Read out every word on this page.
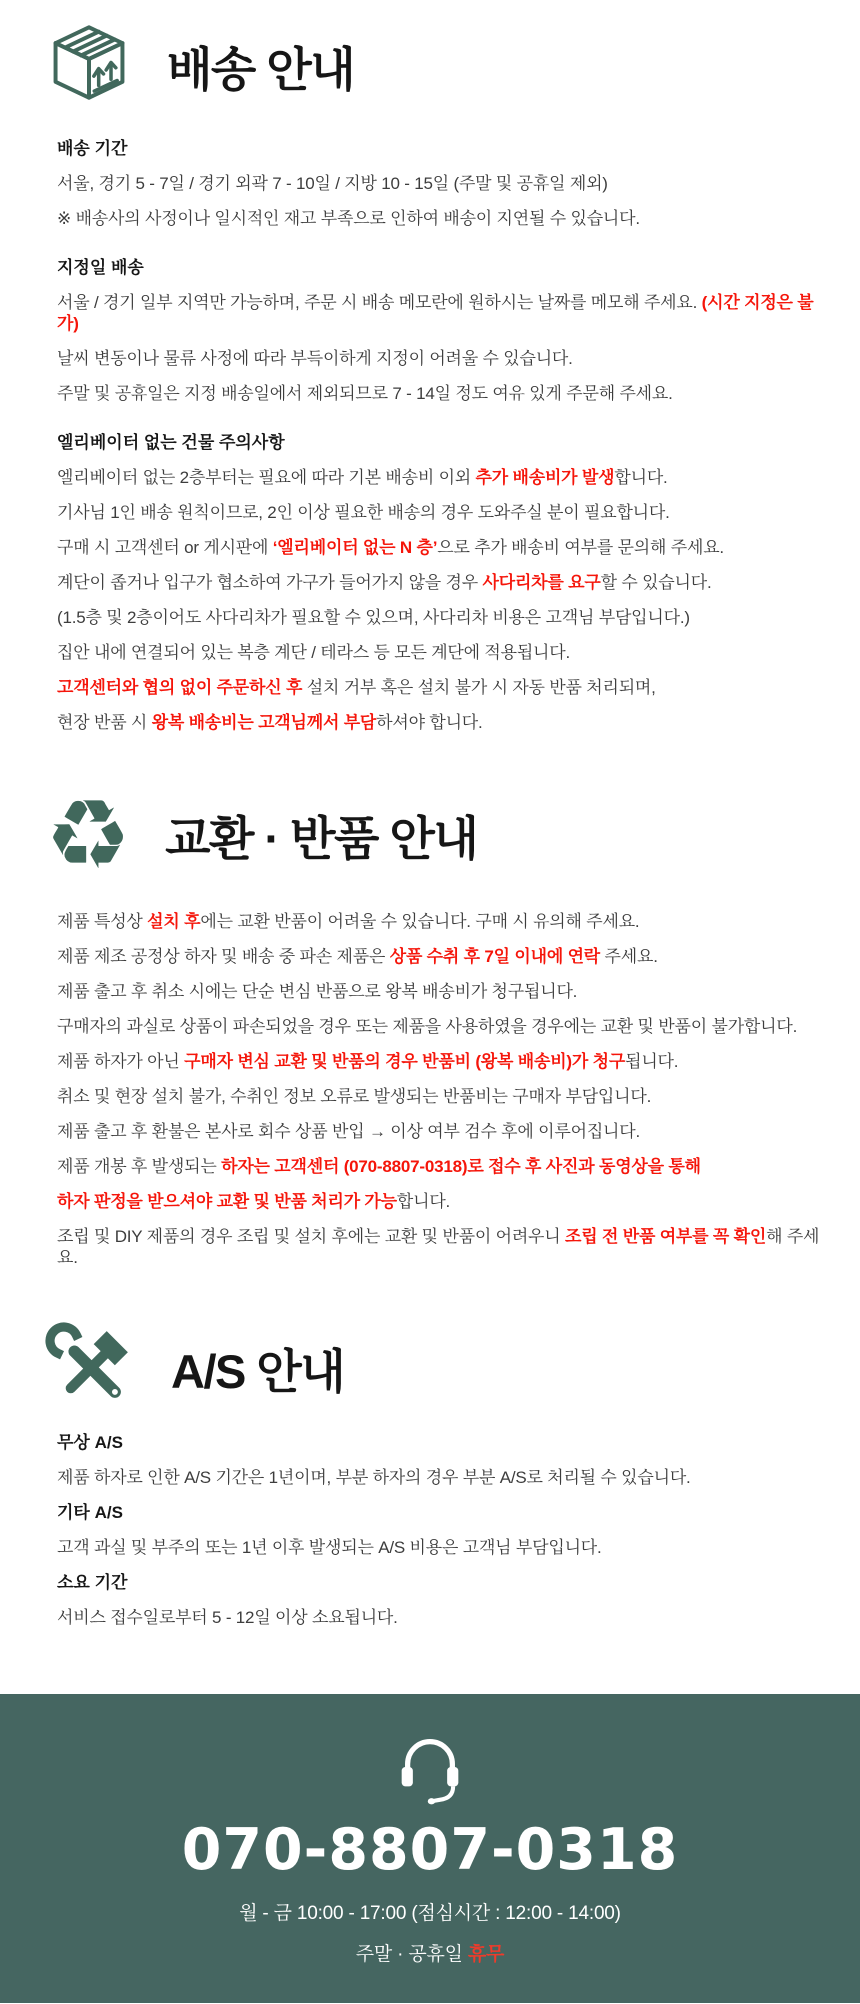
배송 안내
배송 기간

서울, 경기 5 - 7일 / 경기 외곽 7 - 10일 / 지방 10 - 15일 (주말 및 공휴일 제외)

※ 배송사의 사정이나 일시적인 재고 부족으로 인하여 배송이 지연될 수 있습니다.

지정일 배송

서울 / 경기 일부 지역만 가능하며, 주문 시 배송 메모란에 원하시는 날짜를 메모해 주세요. (시간 지정은 불가)

날씨 변동이나 물류 사정에 따라 부득이하게 지정이 어려울 수 있습니다.

주말 및 공휴일은 지정 배송일에서 제외되므로 7 - 14일 정도 여유 있게 주문해 주세요.

엘리베이터 없는 건물 주의사항

엘리베이터 없는 2층부터는 필요에 따라 기본 배송비 이외 추가 배송비가 발생합니다.

기사님 1인 배송 원칙이므로, 2인 이상 필요한 배송의 경우 도와주실 분이 필요합니다.

구매 시 고객센터 or 게시판에 ‘엘리베이터 없는 N 층’으로 추가 배송비 여부를 문의해 주세요.

계단이 좁거나 입구가 협소하여 가구가 들어가지 않을 경우 사다리차를 요구할 수 있습니다.

(1.5층 및 2층이어도 사다리차가 필요할 수 있으며, 사다리차 비용은 고객님 부담입니다.)

집안 내에 연결되어 있는 복층 계단 / 테라스 등 모든 계단에 적용됩니다.

고객센터와 협의 없이 주문하신 후 설치 거부 혹은 설치 불가 시 자동 반품 처리되며,

현장 반품 시 왕복 배송비는 고객님께서 부담하셔야 합니다.

♻ 교환 · 반품 안내

제품 특성상 설치 후에는 교환 반품이 어려울 수 있습니다. 구매 시 유의해 주세요.

제품 제조 공정상 하자 및 배송 중 파손 제품은 상품 수취 후 7일 이내에 연락 주세요.

제품 출고 후 취소 시에는 단순 변심 반품으로 왕복 배송비가 청구됩니다.

구매자의 과실로 상품이 파손되었을 경우 또는 제품을 사용하였을 경우에는 교환 및 반품이 불가합니다.

제품 하자가 아닌 구매자 변심 교환 및 반품의 경우 반품비 (왕복 배송비)가 청구됩니다.

취소 및 현장 설치 불가, 수취인 정보 오류로 발생되는 반품비는 구매자 부담입니다.

제품 출고 후 환불은 본사로 회수 상품 반입 → 이상 여부 검수 후에 이루어집니다.

제품 개봉 후 발생되는 하자는 고객센터 (070-8807-0318)로 접수 후 사진과 동영상을 통해

하자 판정을 받으셔야 교환 및 반품 처리가 가능합니다.

조립 및 DIY 제품의 경우 조립 및 설치 후에는 교환 및 반품이 어려우니 조립 전 반품 여부를 꼭 확인해 주세요.

A/S 안내
무상 A/S

제품 하자로 인한 A/S 기간은 1년이며, 부분 하자의 경우 부분 A/S로 처리될 수 있습니다.

기타 A/S

고객 과실 및 부주의 또는 1년 이후 발생되는 A/S 비용은 고객님 부담입니다.

소요 기간

서비스 접수일로부터 5 - 12일 이상 소요됩니다.

070-8807-0318
월 - 금 10:00 - 17:00 (점심시간 : 12:00 - 14:00)
주말 · 공휴일 휴무
